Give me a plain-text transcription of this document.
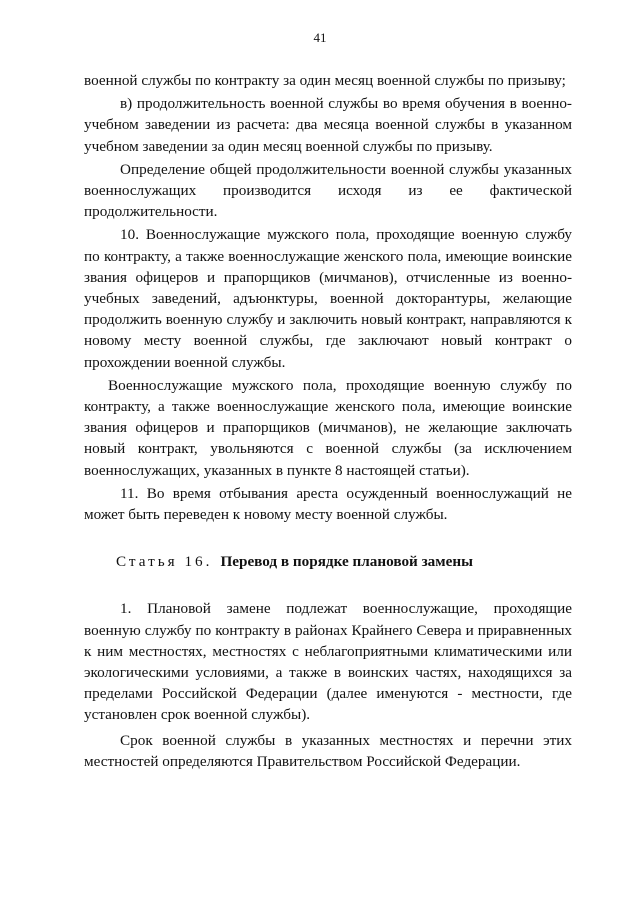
41

военной службы по контракту за один месяц военной службы по призыву;

в) продолжительность военной службы во время обучения в военно-учебном заведении из расчета: два месяца военной службы в указанном учебном заведении за один месяц военной службы по призыву.

Определение общей продолжительности военной службы указанных военнослужащих производится исходя из ее фактической продолжительности.

10. Военнослужащие мужского пола, проходящие военную службу по контракту, а также военнослужащие женского пола, имеющие воинские звания офицеров и прапорщиков (мичманов), отчисленные из военно-учебных заведений, адъюнктуры, военной докторантуры, желающие продолжить военную службу и заключить новый контракт, направляются к новому месту военной службы, где заключают новый контракт о прохождении военной службы.

Военнослужащие мужского пола, проходящие военную службу по контракту, а также военнослужащие женского пола, имеющие воинские звания офицеров и прапорщиков (мичманов), не желающие заключать новый контракт, увольняются с военной службы (за исключением военнослужащих, указанных в пункте 8 настоящей статьи).

11. Во время отбывания ареста осужденный военнослужащий не может быть переведен к новому месту военной службы.

Статья 16. Перевод в порядке плановой замены

1. Плановой замене подлежат военнослужащие, проходящие военную службу по контракту в районах Крайнего Севера и приравненных к ним местностях, местностях с неблагоприятными климатическими или экологическими условиями, а также в воинских частях, находящихся за пределами Российской Федерации (далее именуются - местности, где установлен срок военной службы).

Срок военной службы в указанных местностях и перечни этих местностей определяются Правительством Российской Федерации.
